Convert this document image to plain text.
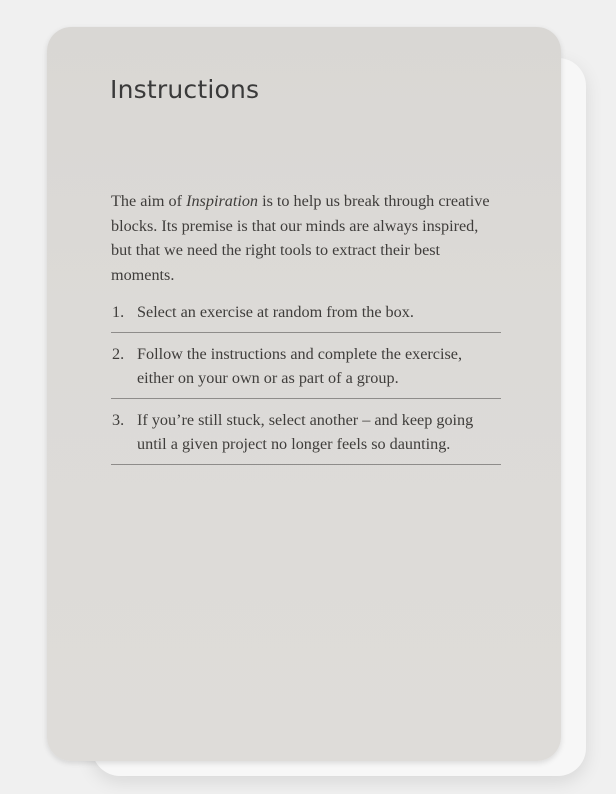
Instructions

The aim of Inspiration is to help us break through creative blocks. Its premise is that our minds are always inspired, but that we need the right tools to extract their best moments.

1. Select an exercise at random from the box.
2. Follow the instructions and complete the exercise, either on your own or as part of a group.
3. If you’re still stuck, select another – and keep going until a given project no longer feels so daunting.
